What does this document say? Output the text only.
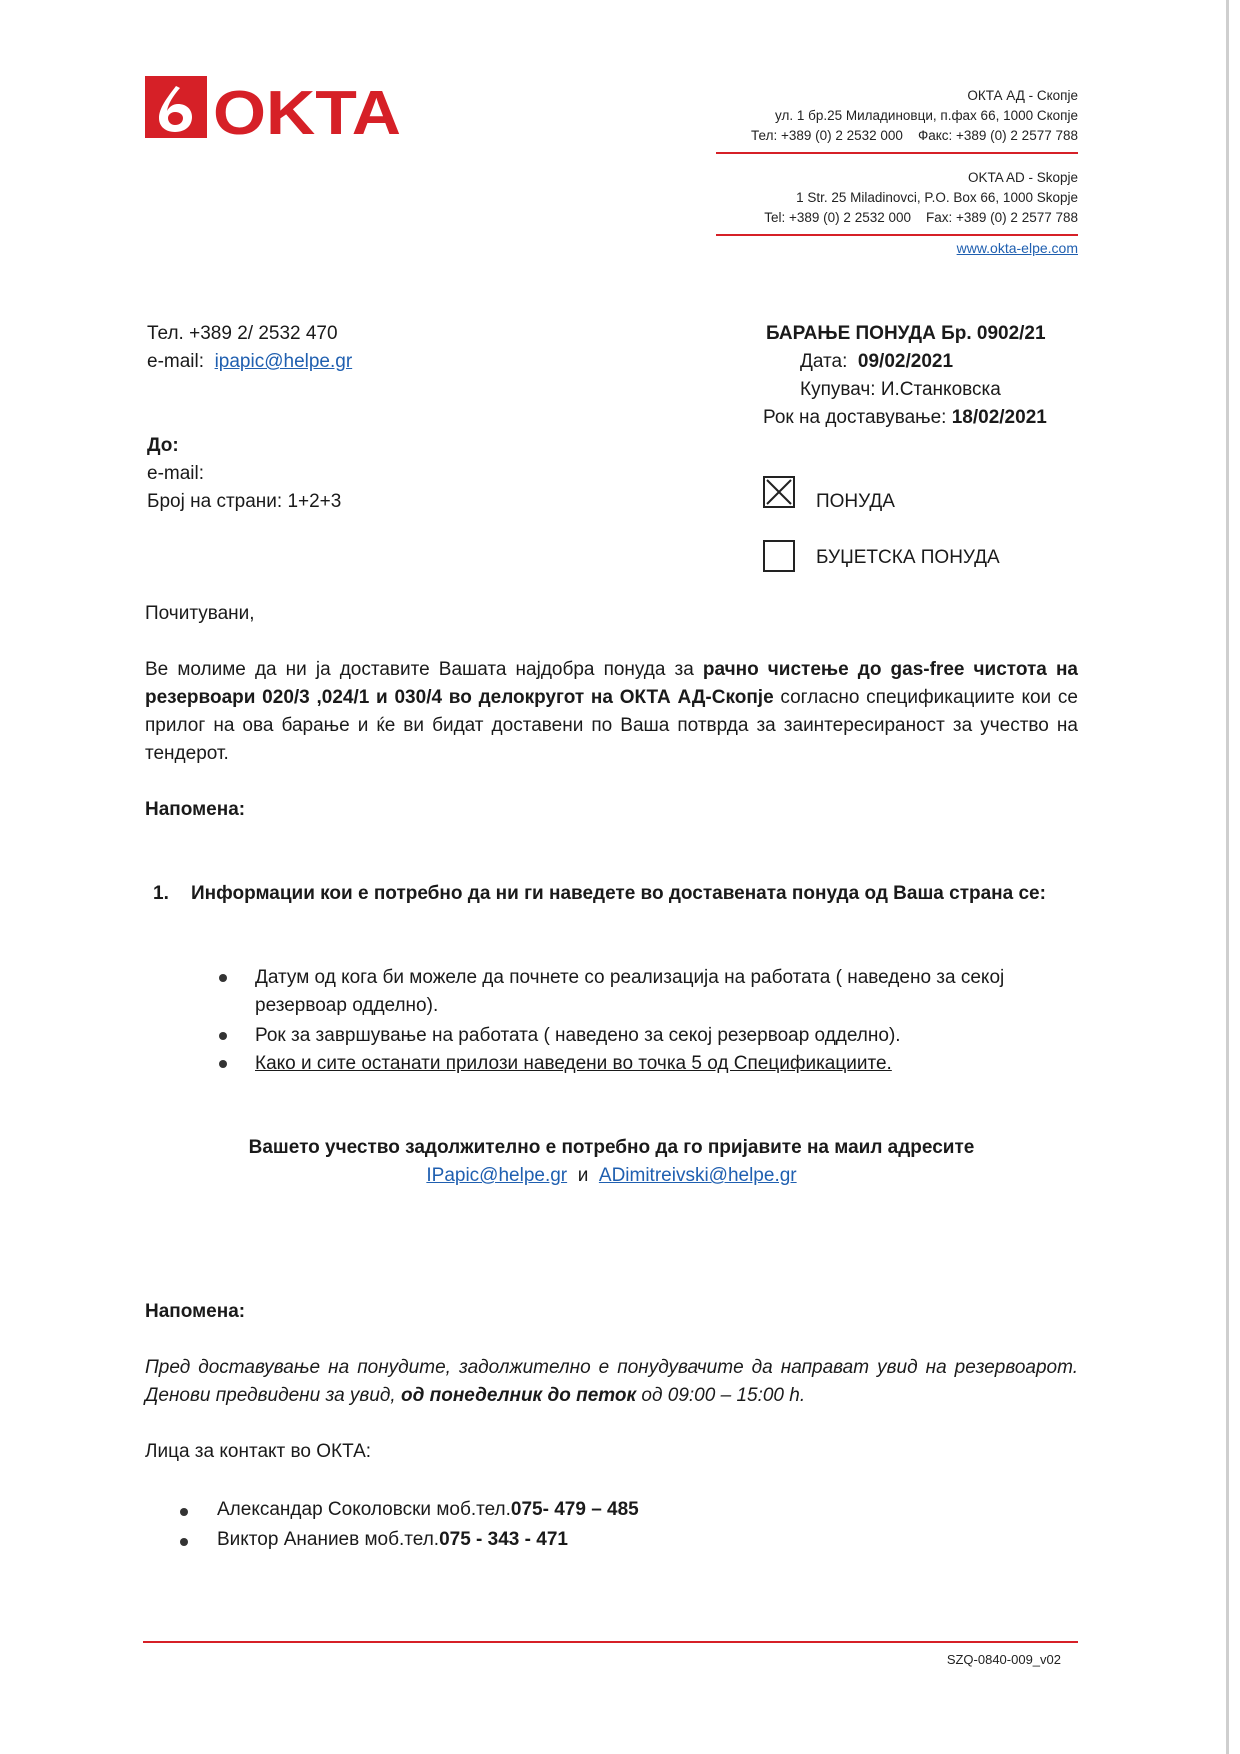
OKTA	ОКТА АД - Скопје
ул. 1 бр.25 Миладиновци, п.фах 66, 1000 Скопје
Тел: +389 (0) 2 2532 000 Факс: +389 (0) 2 2577 788
OKTA AD - Skopje
1 Str. 25 Miladinovci, P.O. Box 66, 1000 Skopje
Tel: +389 (0) 2 2532 000 Fax: +389 (0) 2 2577 788
www.okta-elpe.com
Тел. +389 2/ 2532 470
e-mail: ipapic@helpe.gr
БАРАЊЕ ПОНУДА Бр. 0902/21
Дата: 09/02/2021
Купувач: И.Станковска
Рок на доставување: 18/02/2021
До:
e-mail:
Број на страни: 1+2+3	ПОНУДА
БУЏЕТСКА ПОНУДА
Почитувани,
Ве молиме да ни ја доставите Вашата најдобра понуда за рачно чистење до gas-free чистота на резервоари 020/3 ,024/1 и 030/4 во делокругот на ОКТА АД-Скопје согласно спецификациите кои се прилог на ова барање и ќе ви бидат доставени по Ваша потврда за заинтересираност за учество на тендерот.
Напомена:
1. Информации кои е потребно да ни ги наведете во доставената понуда од Ваша страна се:
Датум од кога би можеле да почнете со реализација на работата ( наведено за секој
резервоар одделно).
Рок за завршување на работата ( наведено за секој резервоар одделно).
Како и сите останати прилози наведени во точка 5 од Спецификациите.
Вашето учество задолжително е потребно да го пријавите на маил адресите
IPapic@helpe.gr и ADimitreivski@helpe.gr
Напомена:
Пред доставување на понудите, задолжително е понудувачите да направат увид на резервоарот. Денови предвидени за увид, од понеделник до петок од 09:00 – 15:00 h.
Лица за контакт во ОКТА:
Александар Соколовски моб.тел.075- 479 – 485
Виктор Ананиев моб.тел.075 - 343 - 471
SZQ-0840-009_v02
